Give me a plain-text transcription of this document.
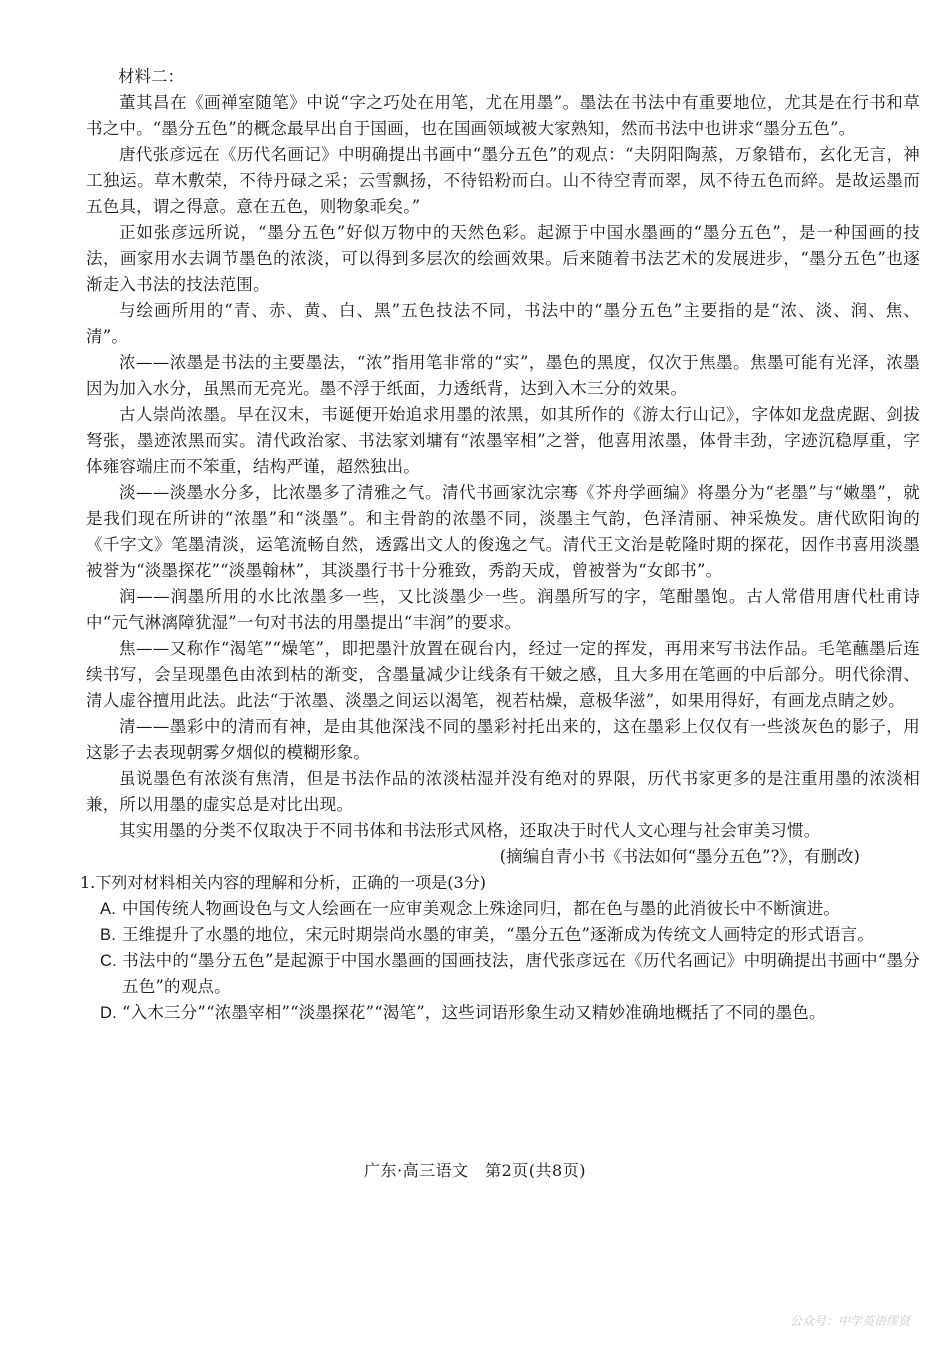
材料二：

董其昌在《画禅室随笔》中说“字之巧处在用笔，尤在用墨”。墨法在书法中有重要地位，尤其是在行书和草书之中。“墨分五色”的概念最早出自于国画，也在国画领域被大家熟知，然而书法中也讲求“墨分五色”。

唐代张彦远在《历代名画记》中明确提出书画中“墨分五色”的观点：“夫阴阳陶蒸，万象错布，玄化无言，神工独运。草木敷荣，不待丹碌之采；云雪飘扬，不待铅粉而白。山不待空青而翠，凤不待五色而綷。是故运墨而五色具，谓之得意。意在五色，则物象乖矣。”

正如张彦远所说，“墨分五色”好似万物中的天然色彩。起源于中国水墨画的“墨分五色”，是一种国画的技法，画家用水去调节墨色的浓淡，可以得到多层次的绘画效果。后来随着书法艺术的发展进步，“墨分五色”也逐渐走入书法的技法范围。

与绘画所用的“青、赤、黄、白、黑”五色技法不同，书法中的“墨分五色”主要指的是“浓、淡、润、焦、清”。

浓——浓墨是书法的主要墨法，“浓”指用笔非常的“实”，墨色的黑度，仅次于焦墨。焦墨可能有光泽，浓墨因为加入水分，虽黑而无亮光。墨不浮于纸面，力透纸背，达到入木三分的效果。

古人崇尚浓墨。早在汉末，韦诞便开始追求用墨的浓黑，如其所作的《游太行山记》，字体如龙盘虎踞、剑拔弩张，墨迹浓黑而实。清代政治家、书法家刘墉有“浓墨宰相”之誉，他喜用浓墨，体骨丰劲，字迹沉稳厚重，字体雍容端庄而不笨重，结构严谨，超然独出。

淡——淡墨水分多，比浓墨多了清雅之气。清代书画家沈宗骞《芥舟学画编》将墨分为“老墨”与“嫩墨”，就是我们现在所讲的“浓墨”和“淡墨”。和主骨韵的浓墨不同，淡墨主气韵，色泽清丽、神采焕发。唐代欧阳询的《千字文》笔墨清淡，运笔流畅自然，透露出文人的俊逸之气。清代王文治是乾隆时期的探花，因作书喜用淡墨被誉为“淡墨探花”“淡墨翰林”，其淡墨行书十分雅致，秀韵天成，曾被誉为“女郎书”。

润——润墨所用的水比浓墨多一些，又比淡墨少一些。润墨所写的字，笔酣墨饱。古人常借用唐代杜甫诗中“元气淋漓障犹湿”一句对书法的用墨提出“丰润”的要求。

焦——又称作“渴笔”“燥笔”，即把墨汁放置在砚台内，经过一定的挥发，再用来写书法作品。毛笔蘸墨后连续书写，会呈现墨色由浓到枯的渐变，含墨量减少让线条有干皴之感，且大多用在笔画的中后部分。明代徐渭、清人虚谷擅用此法。此法“于浓墨、淡墨之间运以渴笔，视若枯燥，意极华滋”，如果用得好，有画龙点睛之妙。

清——墨彩中的清而有神，是由其他深浅不同的墨彩衬托出来的，这在墨彩上仅仅有一些淡灰色的影子，用这影子去表现朝雾夕烟似的模糊形象。

虽说墨色有浓淡有焦清，但是书法作品的浓淡枯湿并没有绝对的界限，历代书家更多的是注重用墨的浓淡相兼，所以用墨的虚实总是对比出现。

其实用墨的分类不仅取决于不同书体和书法形式风格，还取决于时代人文心理与社会审美习惯。

(摘编自青小书《书法如何“墨分五色”?》，有删改)

1.下列对材料相关内容的理解和分析，正确的一项是(3分)

A. 中国传统人物画设色与文人绘画在一应审美观念上殊途同归，都在色与墨的此消彼长中不断演进。

B. 王维提升了水墨的地位，宋元时期崇尚水墨的审美，“墨分五色”逐渐成为传统文人画特定的形式语言。

C. 书法中的“墨分五色”是起源于中国水墨画的国画技法，唐代张彦远在《历代名画记》中明确提出书画中“墨分五色”的观点。

D. “入木三分”“浓墨宰相”“淡墨探花”“渴笔”，这些词语形象生动又精妙准确地概括了不同的墨色。

广东·高三语文　第2页(共8页)
公众号：中学英语缪贤
